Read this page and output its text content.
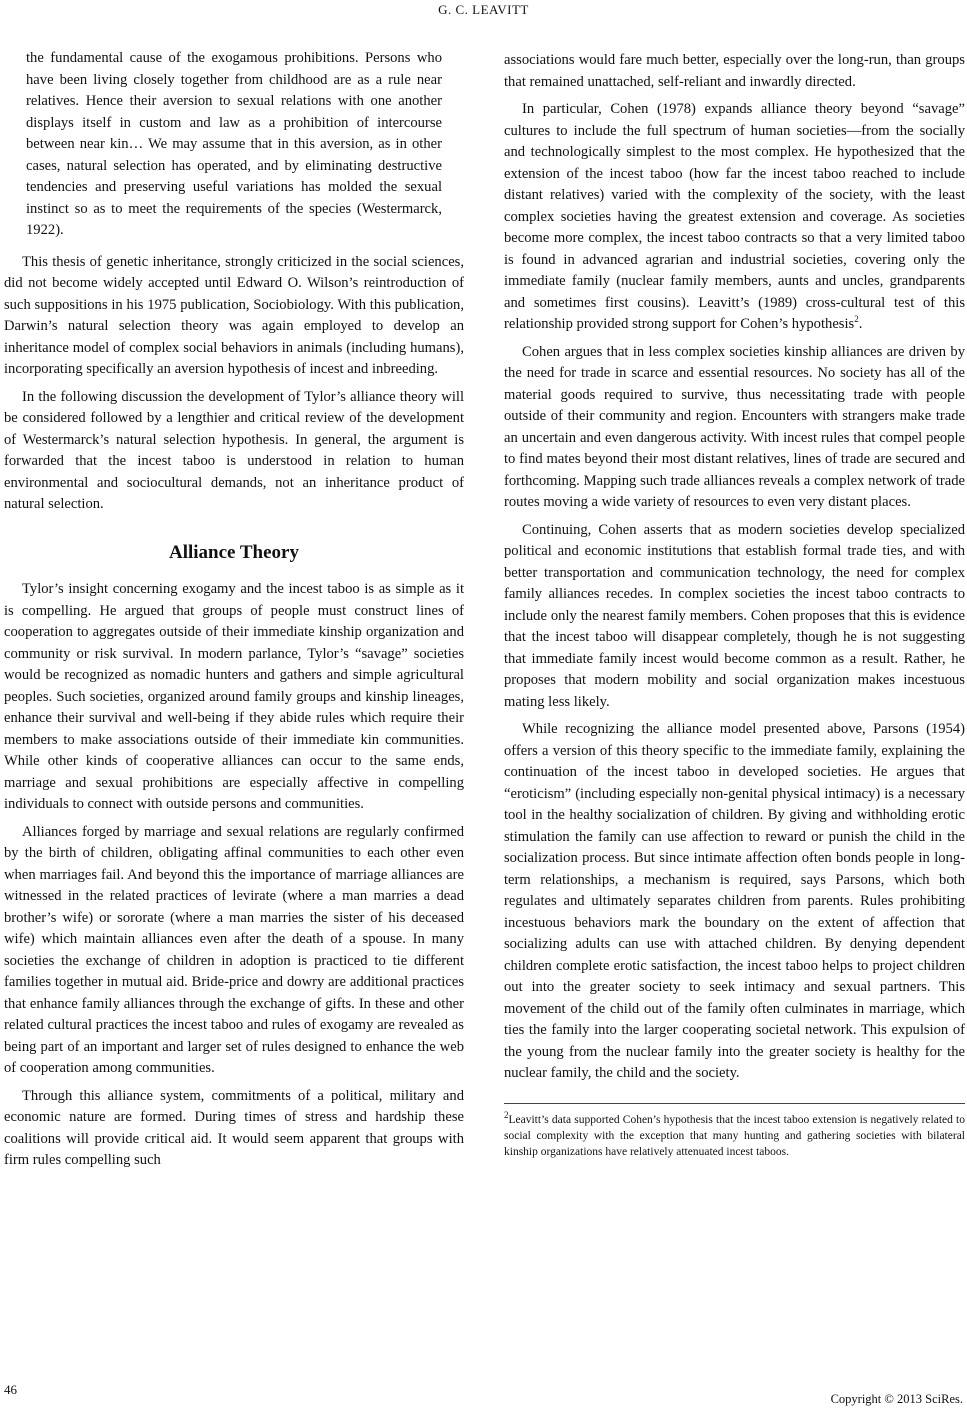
G. C. LEAVITT

the fundamental cause of the exogamous prohibitions. Persons who have been living closely together from childhood are as a rule near relatives. Hence their aversion to sexual relations with one another displays itself in custom and law as a prohibition of intercourse between near kin… We may assume that in this aversion, as in other cases, natural selection has operated, and by eliminating destructive tendencies and preserving useful variations has molded the sexual instinct so as to meet the requirements of the species (Westermarck, 1922).

This thesis of genetic inheritance, strongly criticized in the social sciences, did not become widely accepted until Edward O. Wilson’s reintroduction of such suppositions in his 1975 publication, Sociobiology. With this publication, Darwin’s natural selection theory was again employed to develop an inheritance model of complex social behaviors in animals (including humans), incorporating specifically an aversion hypothesis of incest and inbreeding.

In the following discussion the development of Tylor’s alliance theory will be considered followed by a lengthier and critical review of the development of Westermarck’s natural selection hypothesis. In general, the argument is forwarded that the incest taboo is understood in relation to human environmental and sociocultural demands, not an inheritance product of natural selection.

Alliance Theory

Tylor’s insight concerning exogamy and the incest taboo is as simple as it is compelling. He argued that groups of people must construct lines of cooperation to aggregates outside of their immediate kinship organization and community or risk survival. In modern parlance, Tylor’s “savage” societies would be recognized as nomadic hunters and gathers and simple agricultural peoples. Such societies, organized around family groups and kinship lineages, enhance their survival and well-being if they abide rules which require their members to make associations outside of their immediate kin communities. While other kinds of cooperative alliances can occur to the same ends, marriage and sexual prohibitions are especially affective in compelling individuals to connect with outside persons and communities.

Alliances forged by marriage and sexual relations are regularly confirmed by the birth of children, obligating affinal communities to each other even when marriages fail. And beyond this the importance of marriage alliances are witnessed in the related practices of levirate (where a man marries a dead brother’s wife) or sororate (where a man marries the sister of his deceased wife) which maintain alliances even after the death of a spouse. In many societies the exchange of children in adoption is practiced to tie different families together in mutual aid. Bride-price and dowry are additional practices that enhance family alliances through the exchange of gifts. In these and other related cultural practices the incest taboo and rules of exogamy are revealed as being part of an important and larger set of rules designed to enhance the web of cooperation among communities.

Through this alliance system, commitments of a political, military and economic nature are formed. During times of stress and hardship these coalitions will provide critical aid. It would seem apparent that groups with firm rules compelling such

associations would fare much better, especially over the long-run, than groups that remained unattached, self-reliant and inwardly directed.

In particular, Cohen (1978) expands alliance theory beyond “savage” cultures to include the full spectrum of human societies—from the socially and technologically simplest to the most complex. He hypothesized that the extension of the incest taboo (how far the incest taboo reached to include distant relatives) varied with the complexity of the society, with the least complex societies having the greatest extension and coverage. As societies become more complex, the incest taboo contracts so that a very limited taboo is found in advanced agrarian and industrial societies, covering only the immediate family (nuclear family members, aunts and uncles, grandparents and sometimes first cousins). Leavitt’s (1989) cross-cultural test of this relationship provided strong support for Cohen’s hypothesis$^2$.

Cohen argues that in less complex societies kinship alliances are driven by the need for trade in scarce and essential resources. No society has all of the material goods required to survive, thus necessitating trade with people outside of their community and region. Encounters with strangers make trade an uncertain and even dangerous activity. With incest rules that compel people to find mates beyond their most distant relatives, lines of trade are secured and forthcoming. Mapping such trade alliances reveals a complex network of trade routes moving a wide variety of resources to even very distant places.

Continuing, Cohen asserts that as modern societies develop specialized political and economic institutions that establish formal trade ties, and with better transportation and communication technology, the need for complex family alliances recedes. In complex societies the incest taboo contracts to include only the nearest family members. Cohen proposes that this is evidence that the incest taboo will disappear completely, though he is not suggesting that immediate family incest would become common as a result. Rather, he proposes that modern mobility and social organization makes incestuous mating less likely.

While recognizing the alliance model presented above, Parsons (1954) offers a version of this theory specific to the immediate family, explaining the continuation of the incest taboo in developed societies. He argues that “eroticism” (including especially non-genital physical intimacy) is a necessary tool in the healthy socialization of children. By giving and withholding erotic stimulation the family can use affection to reward or punish the child in the socialization process. But since intimate affection often bonds people in long-term relationships, a mechanism is required, says Parsons, which both regulates and ultimately separates children from parents. Rules prohibiting incestuous behaviors mark the boundary on the extent of affection that socializing adults can use with attached children. By denying dependent children complete erotic satisfaction, the incest taboo helps to project children out into the greater society to seek intimacy and sexual partners. This movement of the child out of the family often culminates in marriage, which ties the family into the larger cooperating societal network. This expulsion of the young from the nuclear family into the greater society is healthy for the nuclear family, the child and the society.

$^2$Leavitt’s data supported Cohen’s hypothesis that the incest taboo extension is negatively related to social complexity with the exception that many hunting and gathering societies with bilateral kinship organizations have relatively attenuated incest taboos.

46
Copyright © 2013 SciRes.
